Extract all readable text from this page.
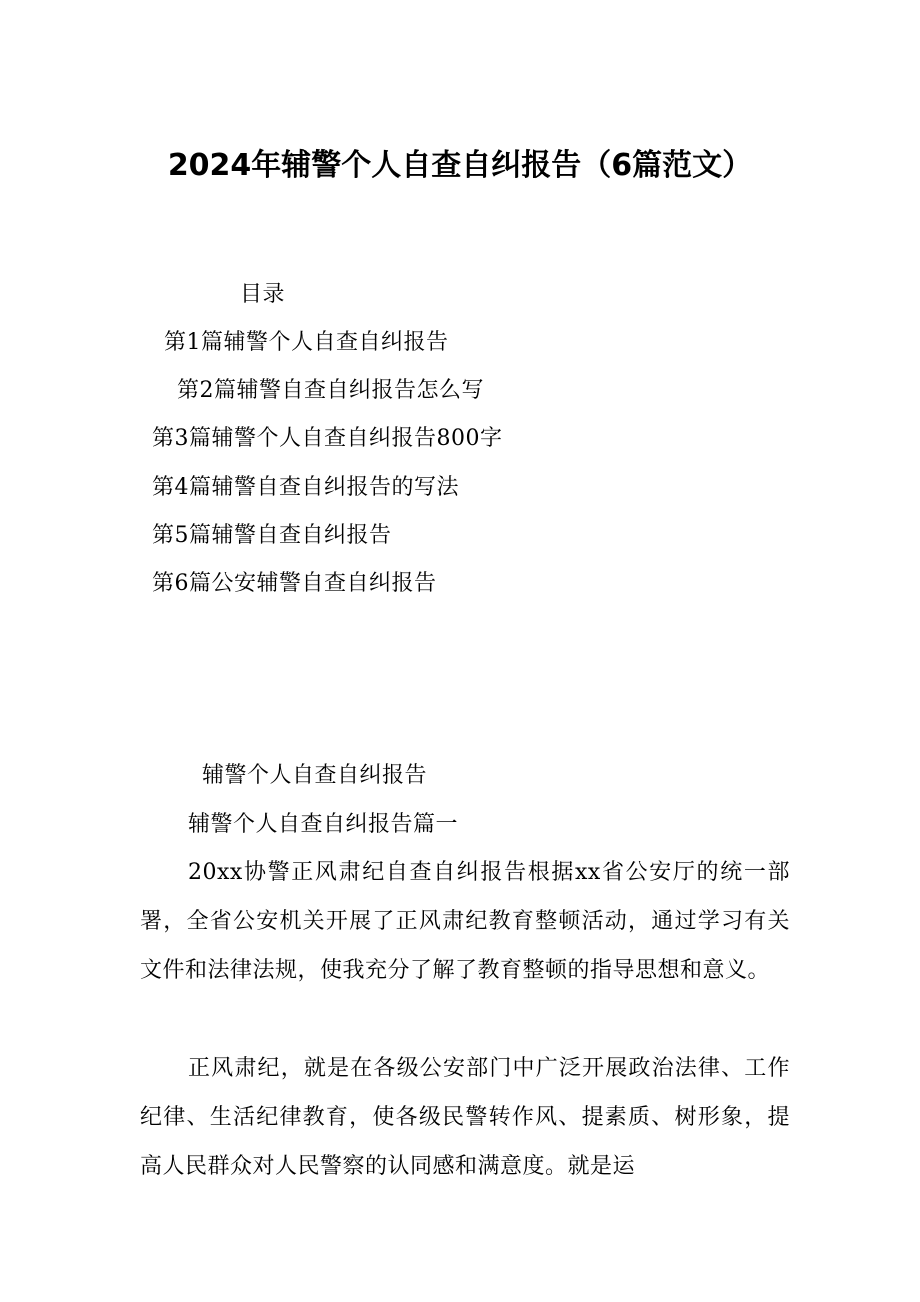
2024年辅警个人自查自纠报告（6篇范文）
目录
第1篇辅警个人自查自纠报告
第2篇辅警自查自纠报告怎么写
第3篇辅警个人自查自纠报告800字
第4篇辅警自查自纠报告的写法
第5篇辅警自查自纠报告
第6篇公安辅警自查自纠报告
辅警个人自查自纠报告
辅警个人自查自纠报告篇一

20xx协警正风肃纪自查自纠报告根据xx省公安厅的统一部署，全省公安机关开展了正风肃纪教育整顿活动，通过学习有关文件和法律法规，使我充分了解了教育整顿的指导思想和意义。

正风肃纪，就是在各级公安部门中广泛开展政治法律、工作纪律、生活纪律教育，使各级民警转作风、提素质、树形象，提高人民群众对人民警察的认同感和满意度。就是运
